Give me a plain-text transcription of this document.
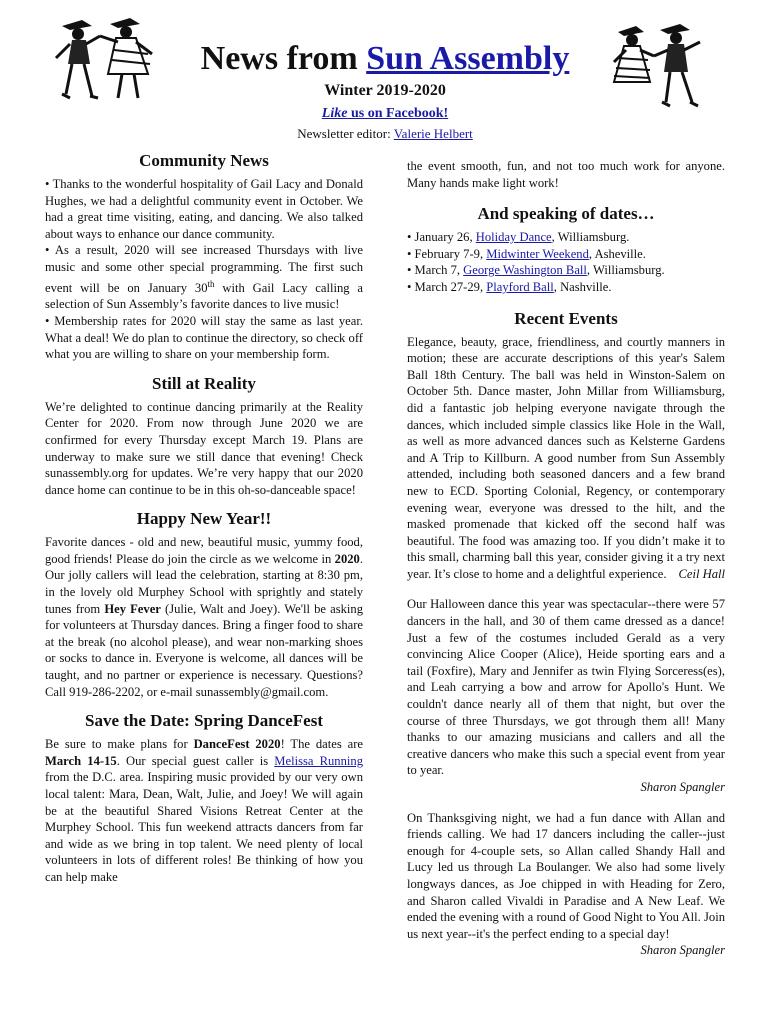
News from Sun Assembly
Winter 2019-2020
Like us on Facebook!
Newsletter editor: Valerie Helbert
Community News

• Thanks to the wonderful hospitality of Gail Lacy and Donald Hughes, we had a delightful community event in October. We had a great time visiting, eating, and dancing. We also talked about ways to enhance our dance community.

• As a result, 2020 will see increased Thursdays with live music and some other special programming. The first such event will be on January 30th with Gail Lacy calling a selection of Sun Assembly’s favorite dances to live music!

• Membership rates for 2020 will stay the same as last year. What a deal! We do plan to continue the directory, so check off what you are willing to share on your membership form.

Still at Reality

We’re delighted to continue dancing primarily at the Reality Center for 2020. From now through June 2020 we are confirmed for every Thursday except March 19. Plans are underway to make sure we still dance that evening! Check sunassembly.org for updates. We’re very happy that our 2020 dance home can continue to be in this oh-so-danceable space!

Happy New Year!!

Favorite dances - old and new, beautiful music, yummy food, good friends! Please do join the circle as we welcome in 2020. Our jolly callers will lead the celebration, starting at 8:30 pm, in the lovely old Murphey School with sprightly and stately tunes from Hey Fever (Julie, Walt and Joey). We'll be asking for volunteers at Thursday dances. Bring a finger food to share at the break (no alcohol please), and wear non-marking shoes or socks to dance in. Everyone is welcome, all dances will be taught, and no partner or experience is necessary. Questions? Call 919-286-2202, or e-mail sunassembly@gmail.com.

Save the Date: Spring DanceFest

Be sure to make plans for DanceFest 2020! The dates are March 14-15. Our special guest caller is Melissa Running from the D.C. area. Inspiring music provided by our very own local talent: Mara, Dean, Walt, Julie, and Joey! We will again be at the beautiful Shared Visions Retreat Center at the Murphey School. This fun weekend attracts dancers from far and wide as we bring in top talent. We need plenty of local volunteers in lots of different roles! Be thinking of how you can help make

the event smooth, fun, and not too much work for anyone. Many hands make light work!

And speaking of dates…
• January 26, Holiday Dance, Williamsburg.
• February 7-9, Midwinter Weekend, Asheville.
• March 7, George Washington Ball, Williamsburg.
• March 27-29, Playford Ball, Nashville.
Recent Events

Elegance, beauty, grace, friendliness, and courtly manners in motion; these are accurate descriptions of this year's Salem Ball 18th Century. The ball was held in Winston-Salem on October 5th. Dance master, John Millar from Williamsburg, did a fantastic job helping everyone navigate through the dances, which included simple classics like Hole in the Wall, as well as more advanced dances such as Kelsterne Gardens and A Trip to Killburn. A good number from Sun Assembly attended, including both seasoned dancers and a few brand new to ECD. Sporting Colonial, Regency, or contemporary evening wear, everyone was dressed to the hilt, and the masked promenade that kicked off the second half was beautiful. The food was amazing too. If you didn’t make it to this small, charming ball this year, consider giving it a try next year. It’s close to home and a delightful experience. Ceil Hall

Our Halloween dance this year was spectacular--there were 57 dancers in the hall, and 30 of them came dressed as a dance! Just a few of the costumes included Gerald as a very convincing Alice Cooper (Alice), Heide sporting ears and a tail (Foxfire), Mary and Jennifer as twin Flying Sorceress(es), and Leah carrying a bow and arrow for Apollo's Hunt. We couldn't dance nearly all of them that night, but over the course of three Thursdays, we got through them all! Many thanks to our amazing musicians and callers and all the creative dancers who make this such a special event from year to year.

Sharon Spangler

On Thanksgiving night, we had a fun dance with Allan and friends calling. We had 17 dancers including the caller--just enough for 4-couple sets, so Allan called Shandy Hall and Lucy led us through La Boulanger. We also had some lively longways dances, as Joe chipped in with Heading for Zero, and Sharon called Vivaldi in Paradise and A New Leaf. We ended the evening with a round of Good Night to You All. Join us next year--it's the perfect ending to a special day!
Sharon Spangler
